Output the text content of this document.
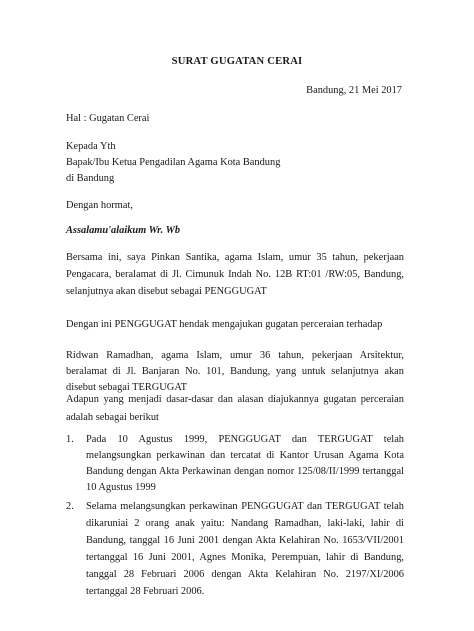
SURAT GUGATAN CERAI
Bandung, 21 Mei 2017
Hal : Gugatan Cerai
Kepada Yth
Bapak/Ibu Ketua Pengadilan Agama Kota Bandung
di Bandung
Dengan hormat,
Assalamu'alaikum Wr. Wb
Bersama ini, saya Pinkan Santika, agama Islam, umur 35 tahun, pekerjaan Pengacara, beralamat di Jl. Cimunuk Indah No. 12B RT:01 /RW:05, Bandung, selanjutnya akan disebut sebagai PENGGUGAT
Dengan ini PENGGUGAT hendak mengajukan gugatan perceraian terhadap
Ridwan Ramadhan, agama Islam, umur 36 tahun, pekerjaan Arsitektur, beralamat di Jl. Banjaran No. 101, Bandung, yang untuk selanjutnya akan disebut sebagai TERGUGAT
Adapun yang menjadi dasar-dasar dan alasan diajukannya gugatan perceraian adalah sebagai berikut
1. Pada 10 Agustus 1999, PENGGUGAT dan TERGUGAT telah melangsungkan perkawinan dan tercatat di Kantor Urusan Agama Kota Bandung dengan Akta Perkawinan dengan nomor 125/08/II/1999 tertanggal 10 Agustus 1999
2. Selama melangsungkan perkawinan PENGGUGAT dan TERGUGAT telah dikaruniai 2 orang anak yaitu: Nandang Ramadhan, laki-laki, lahir di Bandung, tanggal 16 Juni 2001 dengan Akta Kelahiran No. 1653/VII/2001 tertanggal 16 Juni 2001, Agnes Monika, Perempuan, lahir di Bandung, tanggal 28 Februari 2006 dengan Akta Kelahiran No. 2197/XI/2006 tertanggal 28 Februari 2006.
